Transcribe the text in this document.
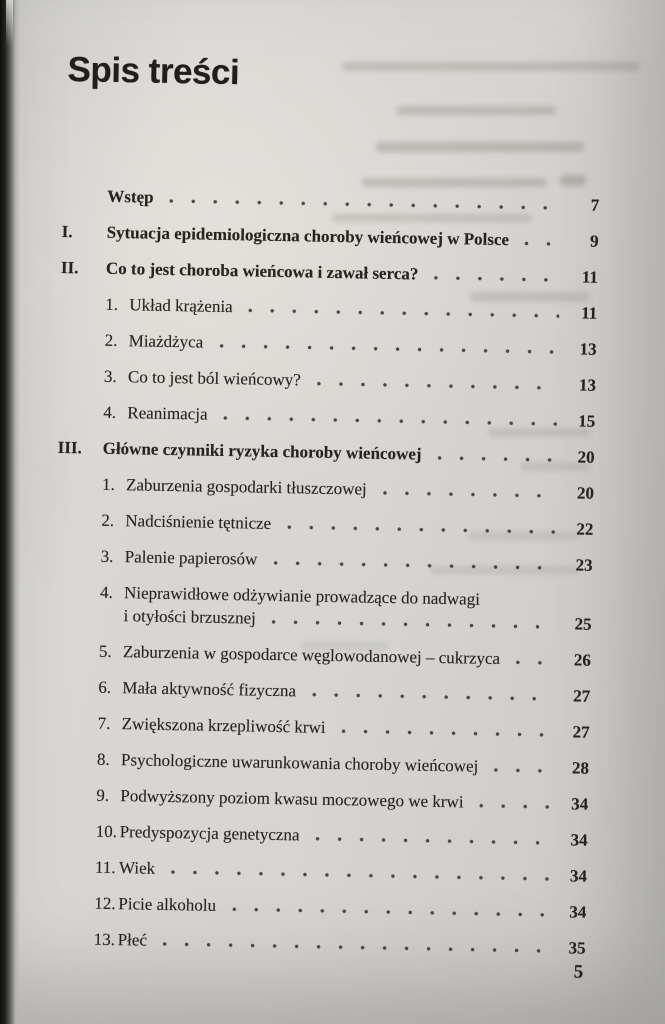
Spis treści
Wstęp	7
I.	Sytuacja epidemiologiczna choroby wieńcowej w Polsce	9
II.	Co to jest choroba wieńcowa i zawał serca?	11
1. Układ krążenia	11
2. Miażdżyca	13
3. Co to jest ból wieńcowy?	13
4. Reanimacja	15
III.	Główne czynniki ryzyka choroby wieńcowej	20
1. Zaburzenia gospodarki tłuszczowej	20
2. Nadciśnienie tętnicze	22
3. Palenie papierosów	23
4. Nieprawidłowe odżywianie prowadzące do nadwagi
i otyłości brzusznej	25
5. Zaburzenia w gospodarce węglowodanowej – cukrzyca	26
6. Mała aktywność fizyczna	27
7. Zwiększona krzepliwość krwi	27
8. Psychologiczne uwarunkowania choroby wieńcowej	28
9. Podwyższony poziom kwasu moczowego we krwi	34
10. Predyspozycja genetyczna	34
11. Wiek	34
12. Picie alkoholu	34
13. Płeć	35
5
